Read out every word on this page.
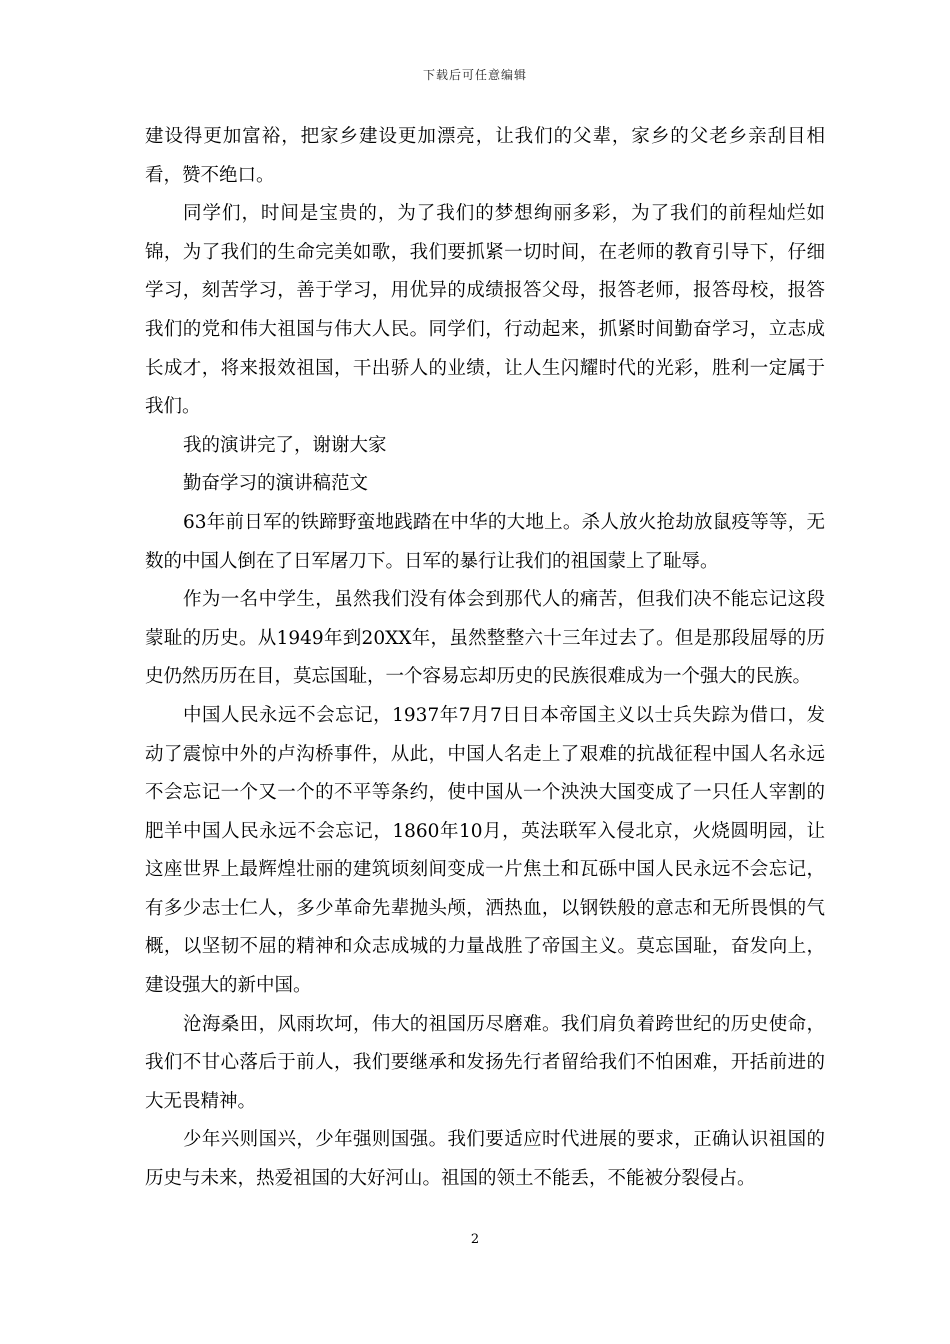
下载后可任意编辑

建设得更加富裕，把家乡建设更加漂亮，让我们的父辈，家乡的父老乡亲刮目相看，赞不绝口。

同学们，时间是宝贵的，为了我们的梦想绚丽多彩，为了我们的前程灿烂如锦，为了我们的生命完美如歌，我们要抓紧一切时间，在老师的教育引导下，仔细学习，刻苦学习，善于学习，用优异的成绩报答父母，报答老师，报答母校，报答我们的党和伟大祖国与伟大人民。同学们，行动起来，抓紧时间勤奋学习，立志成长成才，将来报效祖国，干出骄人的业绩，让人生闪耀时代的光彩，胜利一定属于我们。

我的演讲完了，谢谢大家

勤奋学习的演讲稿范文

63年前日军的铁蹄野蛮地践踏在中华的大地上。杀人放火抢劫放鼠疫等等，无数的中国人倒在了日军屠刀下。日军的暴行让我们的祖国蒙上了耻辱。

作为一名中学生，虽然我们没有体会到那代人的痛苦，但我们决不能忘记这段蒙耻的历史。从1949年到20XX年，虽然整整六十三年过去了。但是那段屈辱的历史仍然历历在目，莫忘国耻，一个容易忘却历史的民族很难成为一个强大的民族。

中国人民永远不会忘记，1937年7月7日日本帝国主义以士兵失踪为借口，发动了震惊中外的卢沟桥事件，从此，中国人名走上了艰难的抗战征程中国人名永远不会忘记一个又一个的不平等条约，使中国从一个泱泱大国变成了一只任人宰割的肥羊中国人民永远不会忘记，1860年10月，英法联军入侵北京，火烧圆明园，让这座世界上最辉煌壮丽的建筑顷刻间变成一片焦土和瓦砾中国人民永远不会忘记，有多少志士仁人，多少革命先辈抛头颅，洒热血，以钢铁般的意志和无所畏惧的气概，以坚韧不屈的精神和众志成城的力量战胜了帝国主义。莫忘国耻，奋发向上，建设强大的新中国。

沧海桑田，风雨坎坷，伟大的祖国历尽磨难。我们肩负着跨世纪的历史使命，我们不甘心落后于前人，我们要继承和发扬先行者留给我们不怕困难，开括前进的大无畏精神。

少年兴则国兴，少年强则国强。我们要适应时代进展的要求，正确认识祖国的历史与未来，热爱祖国的大好河山。祖国的领土不能丢，不能被分裂侵占。

2
